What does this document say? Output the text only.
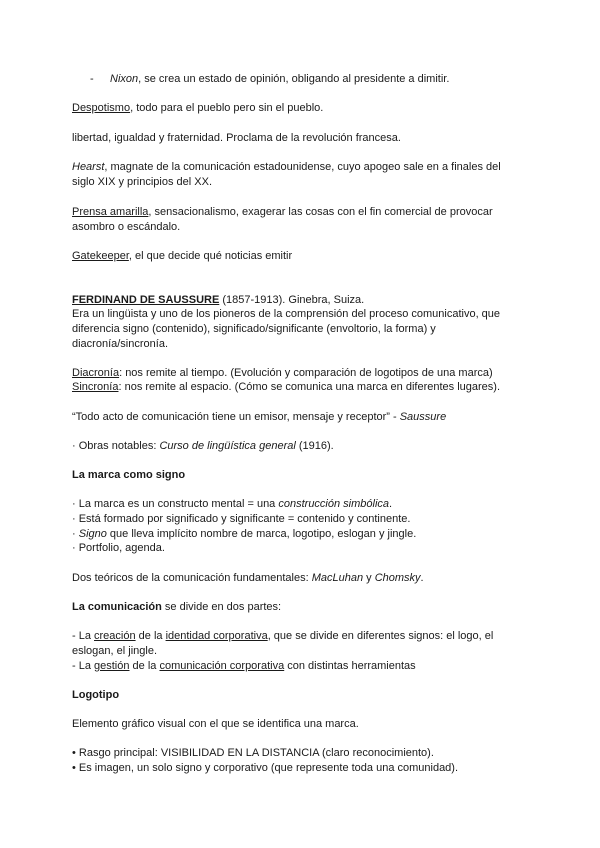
- Nixon, se crea un estado de opinión, obligando al presidente a dimitir.
Despotismo, todo para el pueblo pero sin el pueblo.
libertad, igualdad y fraternidad. Proclama de la revolución francesa.
Hearst, magnate de la comunicación estadounidense, cuyo apogeo sale en a finales del
siglo XIX y principios del XX.
Prensa amarilla, sensacionalismo, exagerar las cosas con el fin comercial de provocar
asombro o escándalo.
Gatekeeper, el que decide qué noticias emitir
FERDINAND DE SAUSSURE (1857-1913). Ginebra, Suiza.
Era un lingüista y uno de los pioneros de la comprensión del proceso comunicativo, que
diferencia signo (contenido), significado/significante (envoltorio, la forma) y
diacronía/sincronía.
Diacronía: nos remite al tiempo. (Evolución y comparación de logotipos de una marca)
Sincronía: nos remite al espacio. (Cómo se comunica una marca en diferentes lugares).
“Todo acto de comunicación tiene un emisor, mensaje y receptor” - Saussure
· Obras notables: Curso de lingüística general (1916).
La marca como signo
· La marca es un constructo mental = una construcción simbólica.
· Está formado por significado y significante = contenido y continente.
· Signo que lleva implícito nombre de marca, logotipo, eslogan y jingle.
· Portfolio, agenda.
Dos teóricos de la comunicación fundamentales: MacLuhan y Chomsky.
La comunicación se divide en dos partes:
- La creación de la identidad corporativa, que se divide en diferentes signos: el logo, el
eslogan, el jingle.
- La gestión de la comunicación corporativa con distintas herramientas
Logotipo
Elemento gráfico visual con el que se identifica una marca.
• Rasgo principal: VISIBILIDAD EN LA DISTANCIA (claro reconocimiento).
• Es imagen, un solo signo y corporativo (que represente toda una comunidad).
